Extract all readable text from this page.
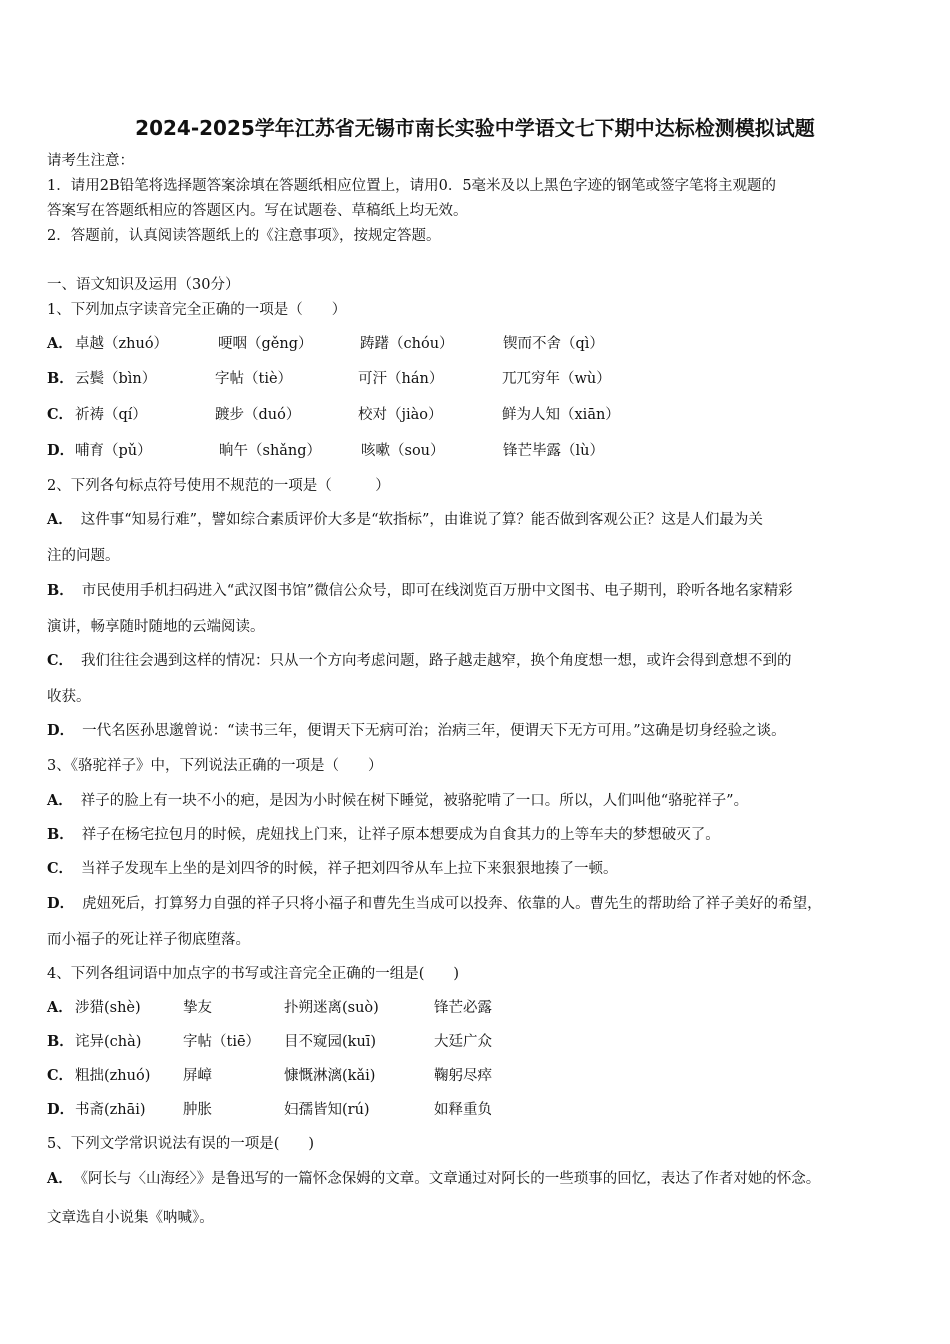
2024-2025学年江苏省无锡市南长实验中学语文七下期中达标检测模拟试题
请考生注意：
1．请用2B铅笔将选择题答案涂填在答题纸相应位置上，请用0．5毫米及以上黑色字迹的钢笔或签字笔将主观题的
答案写在答题纸相应的答题区内。写在试题卷、草稿纸上均无效。
2．答题前，认真阅读答题纸上的《注意事项》，按规定答题。
一、语文知识及运用（30分）
1、下列加点字读音完全正确的一项是（　　）
A． 卓越（zhuó）	哽咽（gěng）	踌躇（chóu）	锲而不舍（qì）
B． 云鬓（bìn）	字帖（tiè）	可汗（hán）	兀兀穷年（wù）
C． 祈祷（qí）	踱步（duó）	校对（jiào）	鲜为人知（xiān）
D． 哺育（pǔ）	晌午（shǎng）	咳嗽（sou）	锋芒毕露（lù）
2、下列各句标点符号使用不规范的一项是（　　　）
A． 这件事“知易行难”，譬如综合素质评价大多是“软指标”，由谁说了算？能否做到客观公正？这是人们最为关
注的问题。
B． 市民使用手机扫码进入“武汉图书馆”微信公众号，即可在线浏览百万册中文图书、电子期刊，聆听各地名家精彩
演讲，畅享随时随地的云端阅读。
C． 我们往往会遇到这样的情况：只从一个方向考虑问题，路子越走越窄，换个角度想一想，或许会得到意想不到的
收获。
D． 一代名医孙思邈曾说：“读书三年，便谓天下无病可治；治病三年，便谓天下无方可用。”这确是切身经验之谈。
3、《骆驼祥子》中，下列说法正确的一项是（　　）
A． 祥子的脸上有一块不小的疤，是因为小时候在树下睡觉，被骆驼啃了一口。所以，人们叫他“骆驼祥子”。
B． 祥子在杨宅拉包月的时候，虎妞找上门来，让祥子原本想要成为自食其力的上等车夫的梦想破灭了。
C． 当祥子发现车上坐的是刘四爷的时候，祥子把刘四爷从车上拉下来狠狠地揍了一顿。
D． 虎妞死后，打算努力自强的祥子只将小福子和曹先生当成可以投奔、依靠的人。曹先生的帮助给了祥子美好的希望，
而小福子的死让祥子彻底堕落。
4、下列各组词语中加点字的书写或注音完全正确的一组是(　　)
A． 涉猎(shè)	挚友	扑朔迷离(suò)	锋芒必露
B． 诧异(chà)	字帖（tiē） 目不窥园(kuī)	大廷广众
C． 粗拙(zhuó) 屏嶂	慷慨淋漓(kǎi)	鞠躬尽瘁
D． 书斋(zhāi)	肿胀	妇孺皆知(rú)	如释重负
5、下列文学常识说法有误的一项是(　　)
A． 《阿长与〈山海经〉》是鲁迅写的一篇怀念保姆的文章。文章通过对阿长的一些琐事的回忆，表达了作者对她的怀念。
文章选自小说集《呐喊》。
